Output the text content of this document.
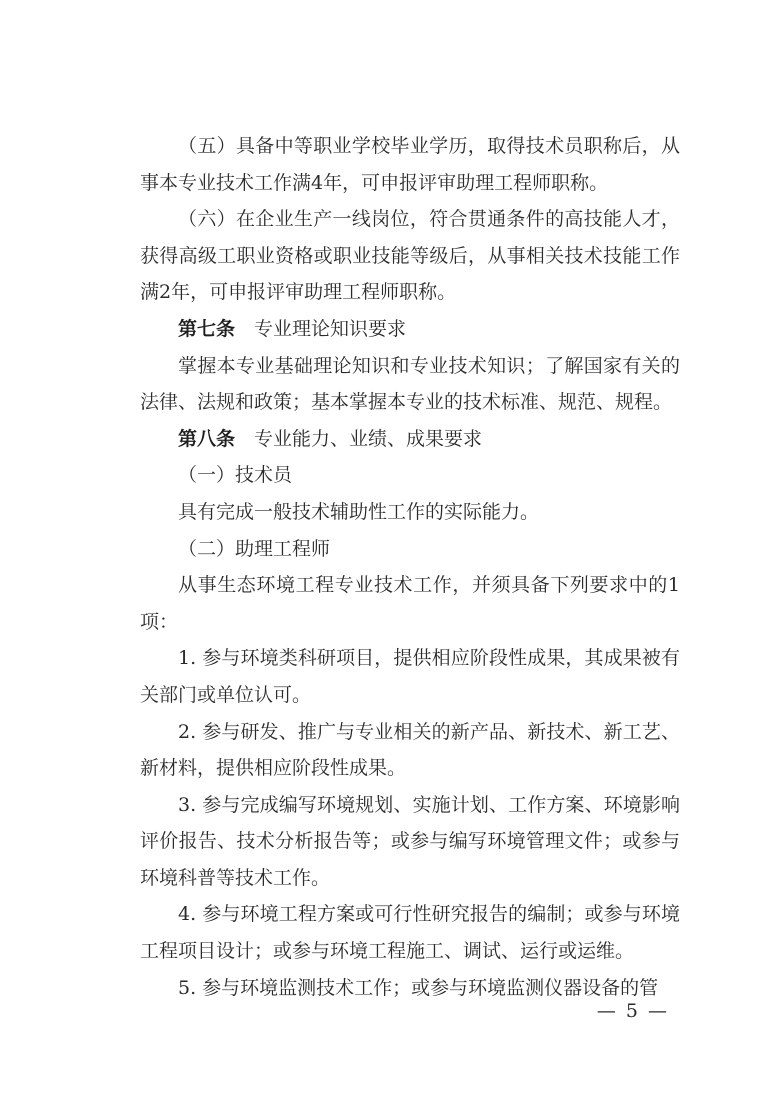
（五）具备中等职业学校毕业学历，取得技术员职称后，从事本专业技术工作满4年，可申报评审助理工程师职称。

（六）在企业生产一线岗位，符合贯通条件的高技能人才，获得高级工职业资格或职业技能等级后，从事相关技术技能工作满2年，可申报评审助理工程师职称。

第七条 专业理论知识要求

掌握本专业基础理论知识和专业技术知识；了解国家有关的法律、法规和政策；基本掌握本专业的技术标准、规范、规程。

第八条 专业能力、业绩、成果要求

（一）技术员

具有完成一般技术辅助性工作的实际能力。

（二）助理工程师

从事生态环境工程专业技术工作，并须具备下列要求中的1项：

1. 参与环境类科研项目，提供相应阶段性成果，其成果被有关部门或单位认可。

2. 参与研发、推广与专业相关的新产品、新技术、新工艺、新材料，提供相应阶段性成果。

3. 参与完成编写环境规划、实施计划、工作方案、环境影响评价报告、技术分析报告等；或参与编写环境管理文件；或参与环境科普等技术工作。

4. 参与环境工程方案或可行性研究报告的编制；或参与环境工程项目设计；或参与环境工程施工、调试、运行或运维。

5. 参与环境监测技术工作；或参与环境监测仪器设备的管

— 5 —
